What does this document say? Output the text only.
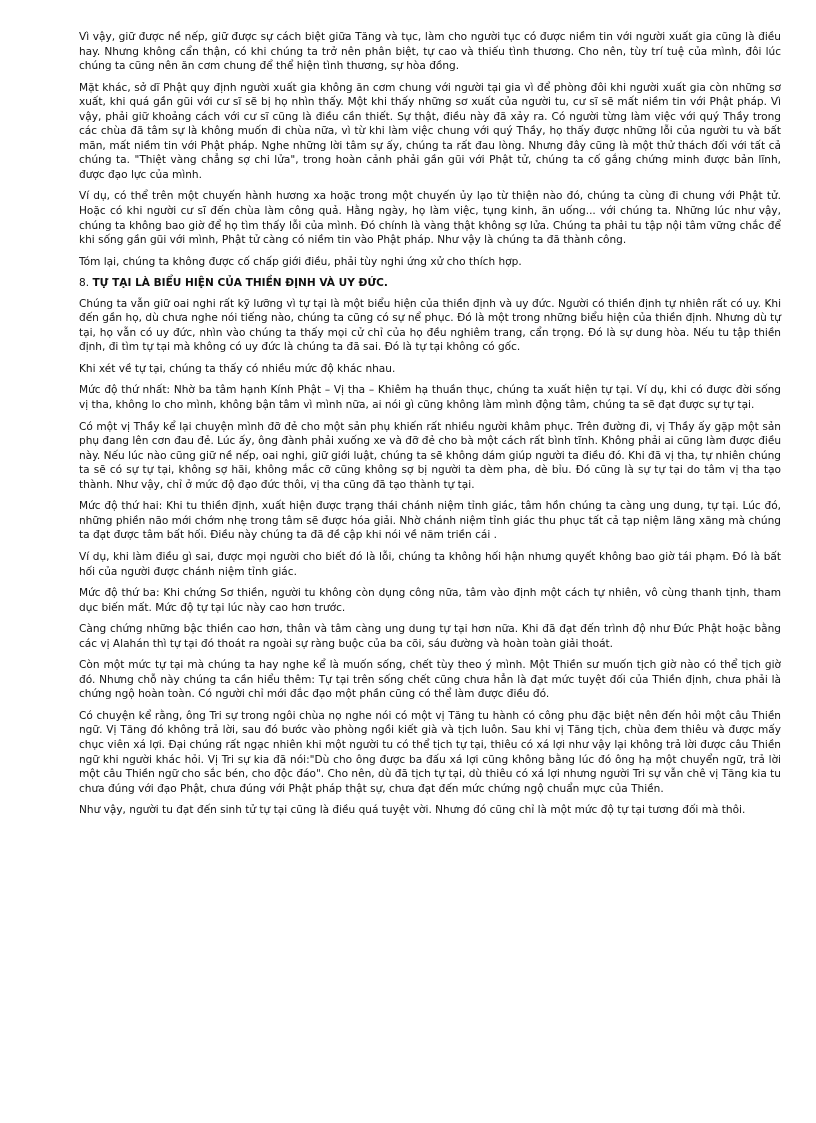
Vì vậy, giữ được nề nếp, giữ được sự cách biệt giữa Tăng và tục, làm cho người tục có được niềm tin với người xuất gia cũng là điều hay. Nhưng không cẩn thận, có khi chúng ta trở nên phân biệt, tự cao và thiếu tình thương. Cho nên, tùy trí tuệ của mình, đôi lúc chúng ta cũng nên ăn cơm chung để thể hiện tình thương, sự hòa đồng.

Mặt khác, sở dĩ Phật quy định người xuất gia không ăn cơm chung với người tại gia vì để phòng đôi khi người xuất gia còn những sơ xuất, khi quá gần gũi với cư sĩ sẽ bị họ nhìn thấy. Một khi thấy những sơ xuất của người tu, cư sĩ sẽ mất niềm tin với Phật pháp. Vì vậy, phải giữ khoảng cách với cư sĩ cũng là điều cần thiết. Sự thật, điều này đã xảy ra. Có người từng làm việc với quý Thầy trong các chùa đã tâm sự là không muốn đi chùa nữa, vì từ khi làm việc chung với quý Thầy, họ thấy được những lỗi của người tu và bất mãn, mất niềm tin với Phật pháp. Nghe những lời tâm sự ấy, chúng ta rất đau lòng. Nhưng đây cũng là một thử thách đối với tất cả chúng ta. "Thiệt vàng chẳng sợ chi lửa", trong hoàn cảnh phải gần gũi với Phật tử, chúng ta cố gắng chứng minh được bản lĩnh, được đạo lực của mình.

Ví dụ, có thể trên một chuyến hành hương xa hoặc trong một chuyến ủy lạo từ thiện nào đó, chúng ta cùng đi chung với Phật tử. Hoặc có khi người cư sĩ đến chùa làm công quả. Hằng ngày, họ làm việc, tụng kinh, ăn uống... với chúng ta. Những lúc như vậy, chúng ta không bao giờ để họ tìm thấy lỗi của mình. Đó chính là vàng thật không sợ lửa. Chúng ta phải tu tập nội tâm vững chắc để khi sống gần gũi với mình, Phật tử càng có niềm tin vào Phật pháp. Như vậy là chúng ta đã thành công.

Tóm lại, chúng ta không được cố chấp giới điều, phải tùy nghi ứng xử cho thích hợp.

8. TỰ TẠI LÀ BIỂU HIỆN CỦA THIỀN ĐỊNH VÀ UY ĐỨC.

Chúng ta vẫn giữ oai nghi rất kỹ lưỡng vì tự tại là một biểu hiện của thiền định và uy đức. Người có thiền định tự nhiên rất có uy. Khi đến gần họ, dù chưa nghe nói tiếng nào, chúng ta cũng có sự nể phục. Đó là một trong những biểu hiện của thiền định. Nhưng dù tự tại, họ vẫn có uy đức, nhìn vào chúng ta thấy mọi cử chỉ của họ đều nghiêm trang, cẩn trọng. Đó là sự dung hòa. Nếu tu tập thiền định, đi tìm tự tại mà không có uy đức là chúng ta đã sai. Đó là tự tại không có gốc.

Khi xét về tự tại, chúng ta thấy có nhiều mức độ khác nhau.

Mức độ thứ nhất: Nhờ ba tâm hạnh Kính Phật – Vị tha – Khiêm hạ thuần thục, chúng ta xuất hiện tự tại. Ví dụ, khi có được đời sống vị tha, không lo cho mình, không bận tâm vì mình nữa, ai nói gì cũng không làm mình động tâm, chúng ta sẽ đạt được sự tự tại.

Có một vị Thầy kể lại chuyện mình đỡ đẻ cho một sản phụ khiến rất nhiều người khâm phục. Trên đường đi, vị Thầy ấy gặp một sản phụ đang lên cơn đau đẻ. Lúc ấy, ông đành phải xuống xe và đỡ đẻ cho bà một cách rất bình tĩnh. Không phải ai cũng làm được điều này. Nếu lúc nào cũng giữ nề nếp, oai nghi, giữ giới luật, chúng ta sẽ không dám giúp người ta điều đó. Khi đã vị tha, tự nhiên chúng ta sẽ có sự tự tại, không sợ hãi, không mắc cỡ cũng không sợ bị người ta dèm pha, dè bỉu. Đó cũng là sự tự tại do tâm vị tha tạo thành. Như vậy, chỉ ở mức độ đạo đức thôi, vị tha cũng đã tạo thành tự tại.

Mức độ thứ hai: Khi tu thiền định, xuất hiện được trạng thái chánh niệm tỉnh giác, tâm hồn chúng ta càng ung dung, tự tại. Lúc đó, những phiền não mới chớm nhẹ trong tâm sẽ được hóa giải. Nhờ chánh niệm tỉnh giác thu phục tất cả tạp niệm lăng xăng mà chúng ta đạt được tâm bất hối. Điều này chúng ta đã đề cập khi nói về năm triền cái .

Ví dụ, khi làm điều gì sai, được mọi người cho biết đó là lỗi, chúng ta không hối hận nhưng quyết không bao giờ tái phạm. Đó là bất hối của người được chánh niệm tỉnh giác.

Mức độ thứ ba: Khi chứng Sơ thiền, người tu không còn dụng công nữa, tâm vào định một cách tự nhiên, vô cùng thanh tịnh, tham dục biến mất. Mức độ tự tại lúc này cao hơn trước.

Càng chứng những bậc thiền cao hơn, thân và tâm càng ung dung tự tại hơn nữa. Khi đã đạt đến trình độ như Đức Phật hoặc bằng các vị Alahán thì tự tại đó thoát ra ngoài sự ràng buộc của ba cõi, sáu đường và hoàn toàn giải thoát.

Còn một mức tự tại mà chúng ta hay nghe kể là muốn sống, chết tùy theo ý mình. Một Thiền sư muốn tịch giờ nào có thể tịch giờ đó. Nhưng chỗ này chúng ta cần hiểu thêm: Tự tại trên sống chết cũng chưa hẳn là đạt mức tuyệt đối của Thiền định, chưa phải là chứng ngộ hoàn toàn. Có người chỉ mới đắc đạo một phần cũng có thể làm được điều đó.

Có chuyện kể rằng, ông Tri sự trong ngôi chùa nọ nghe nói có một vị Tăng tu hành có công phu đặc biệt nên đến hỏi một câu Thiền ngữ. Vị Tăng đó không trả lời, sau đó bước vào phòng ngồi kiết già và tịch luôn. Sau khi vị Tăng tịch, chùa đem thiêu và được mấy chục viên xá lợi. Đại chúng rất ngạc nhiên khi một người tu có thể tịch tự tại, thiêu có xá lợi như vậy lại không trả lời được câu Thiền ngữ khi người khác hỏi. Vị Tri sự kia đã nói:"Dù cho ông được ba đấu xá lợi cũng không bằng lúc đó ông hạ một chuyển ngữ, trả lời một câu Thiền ngữ cho sắc bén, cho độc đáo". Cho nên, dù đã tịch tự tại, dù thiêu có xá lợi nhưng người Tri sự vẫn chê vị Tăng kia tu chưa đúng với đạo Phật, chưa đúng với Phật pháp thật sự, chưa đạt đến mức chứng ngộ chuẩn mực của Thiền.

Như vậy, người tu đạt đến sinh tử tự tại cũng là điều quá tuyệt vời. Nhưng đó cũng chỉ là một mức độ tự tại tương đối mà thôi.
